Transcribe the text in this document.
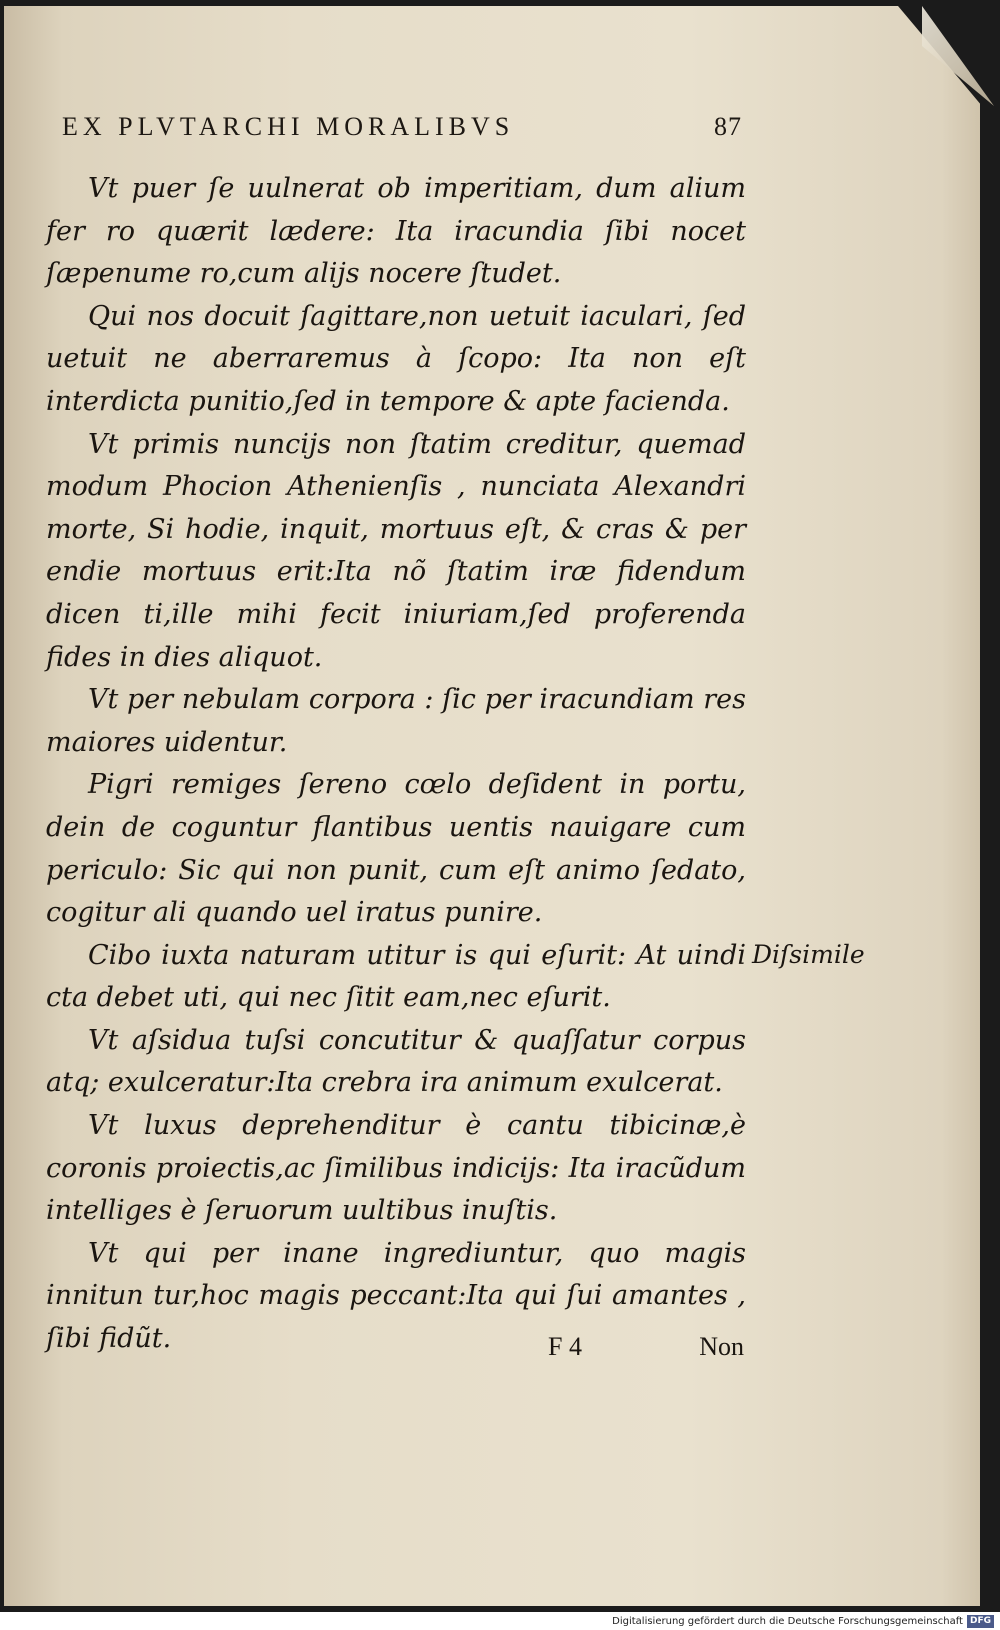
EX PLVTARCHI MORALIBVS	87

Vt puer ſe uulnerat ob imperitiam, dum alium fer ro quærit lædere: Ita iracundia ſibi nocet ſæpenume ro,cum alijs nocere ſtudet.

Qui nos docuit ſagittare,non uetuit iaculari, ſed uetuit ne aberraremus à ſcopo: Ita non eſt interdicta punitio,ſed in tempore & apte facienda.

Vt primis nuncijs non ſtatim creditur, quemad modum Phocion Athenienſis , nunciata Alexandri morte, Si hodie, inquit, mortuus eſt, & cras & per endie mortuus erit:Ita nõ ſtatim iræ fidendum dicen ti,ille mihi fecit iniuriam,ſed proferenda fides in dies aliquot.

Vt per nebulam corpora : ſic per iracundiam res maiores uidentur.

Pigri remiges ſereno cœlo deſident in portu, dein de coguntur flantibus uentis nauigare cum periculo: Sic qui non punit, cum eſt animo ſedato, cogitur ali quando uel iratus punire.

Cibo iuxta naturam utitur is qui eſurit: At uindi cta debet uti, qui nec ſitit eam,nec eſurit.

Vt aſsidua tuſsi concutitur & quaſſatur corpus atq; exulceratur:Ita crebra ira animum exulcerat.

Vt luxus deprehenditur è cantu tibicinæ,è coronis proiectis,ac ſimilibus indicijs: Ita iracũdum intelliges è ſeruorum uultibus inuſtis.

Vt qui per inane ingrediuntur, quo magis innitun tur,hoc magis peccant:Ita qui ſui amantes , ſibi fidũt.

Diſsimile
F 4	Non
Digitalisierung gefördert durch die Deutsche Forschungsgemeinschaft DFG
